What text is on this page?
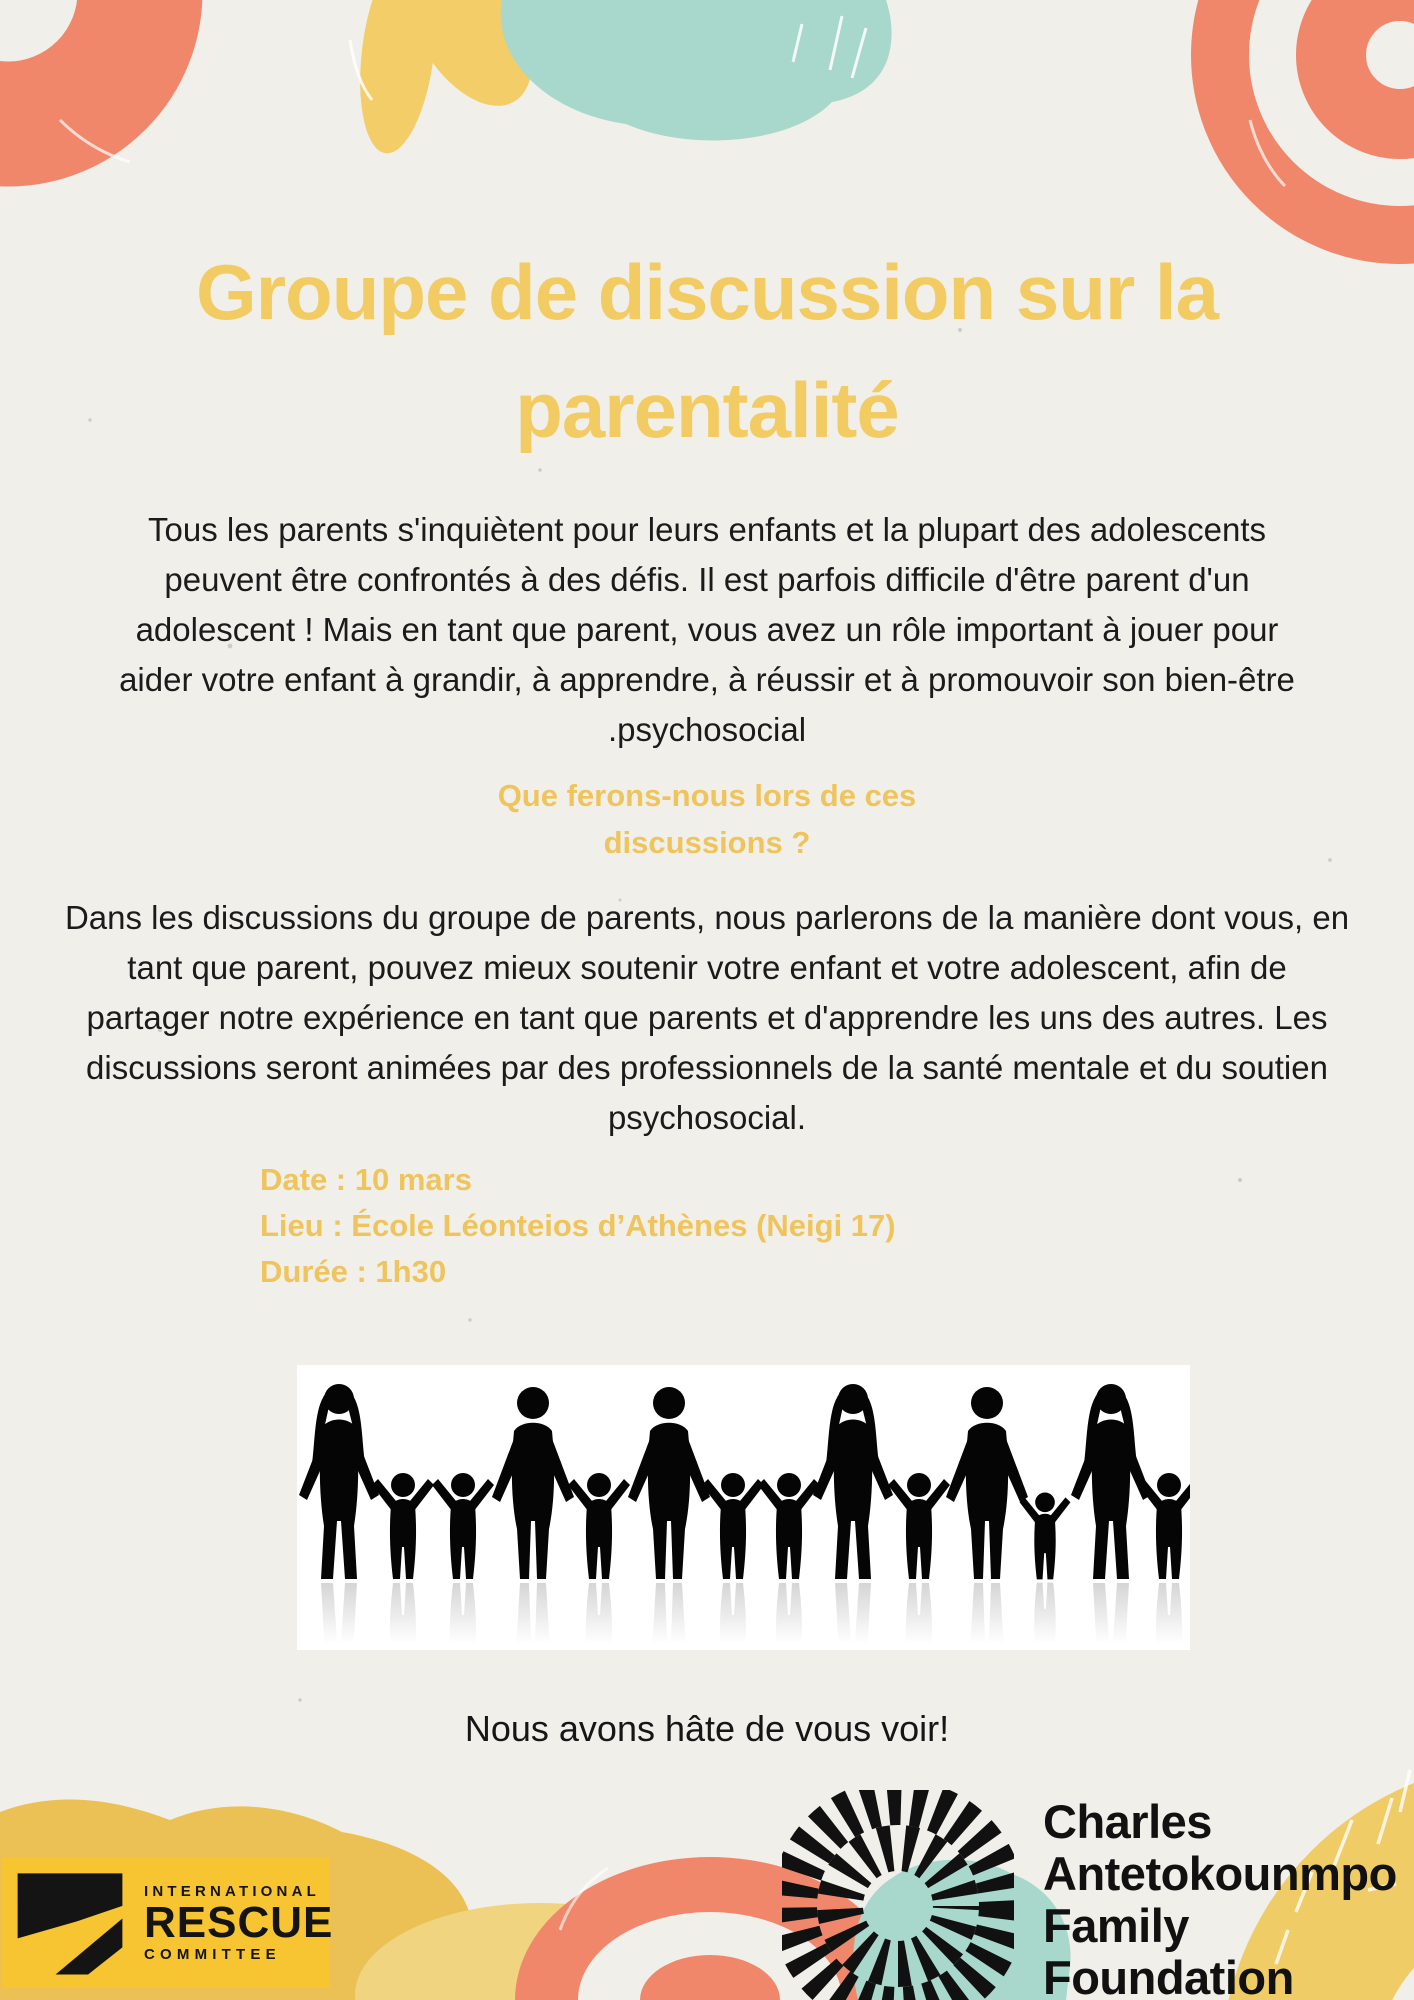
Groupe de discussion sur la
parentalité
Tous les parents s'inquiètent pour leurs enfants et la plupart des adolescents
peuvent être confrontés à des défis. Il est parfois difficile d'être parent d'un
adolescent ! Mais en tant que parent, vous avez un rôle important à jouer pour
aider votre enfant à grandir, à apprendre, à réussir et à promouvoir son bien-être
.psychosocial
Que ferons-nous lors de ces
discussions ?
Dans les discussions du groupe de parents, nous parlerons de la manière dont vous, en
tant que parent, pouvez mieux soutenir votre enfant et votre adolescent, afin de
partager notre expérience en tant que parents et d'apprendre les uns des autres. Les
discussions seront animées par des professionnels de la santé mentale et du soutien
psychosocial.
Date : 10 mars
Lieu : École Léonteios d’Athènes (Neigi 17)
Durée : 1h30
Nous avons hâte de vous voir!
INTERNATIONAL
RESCUE
COMMITTEE
Charles
Antetokounmpo
Family
Foundation
